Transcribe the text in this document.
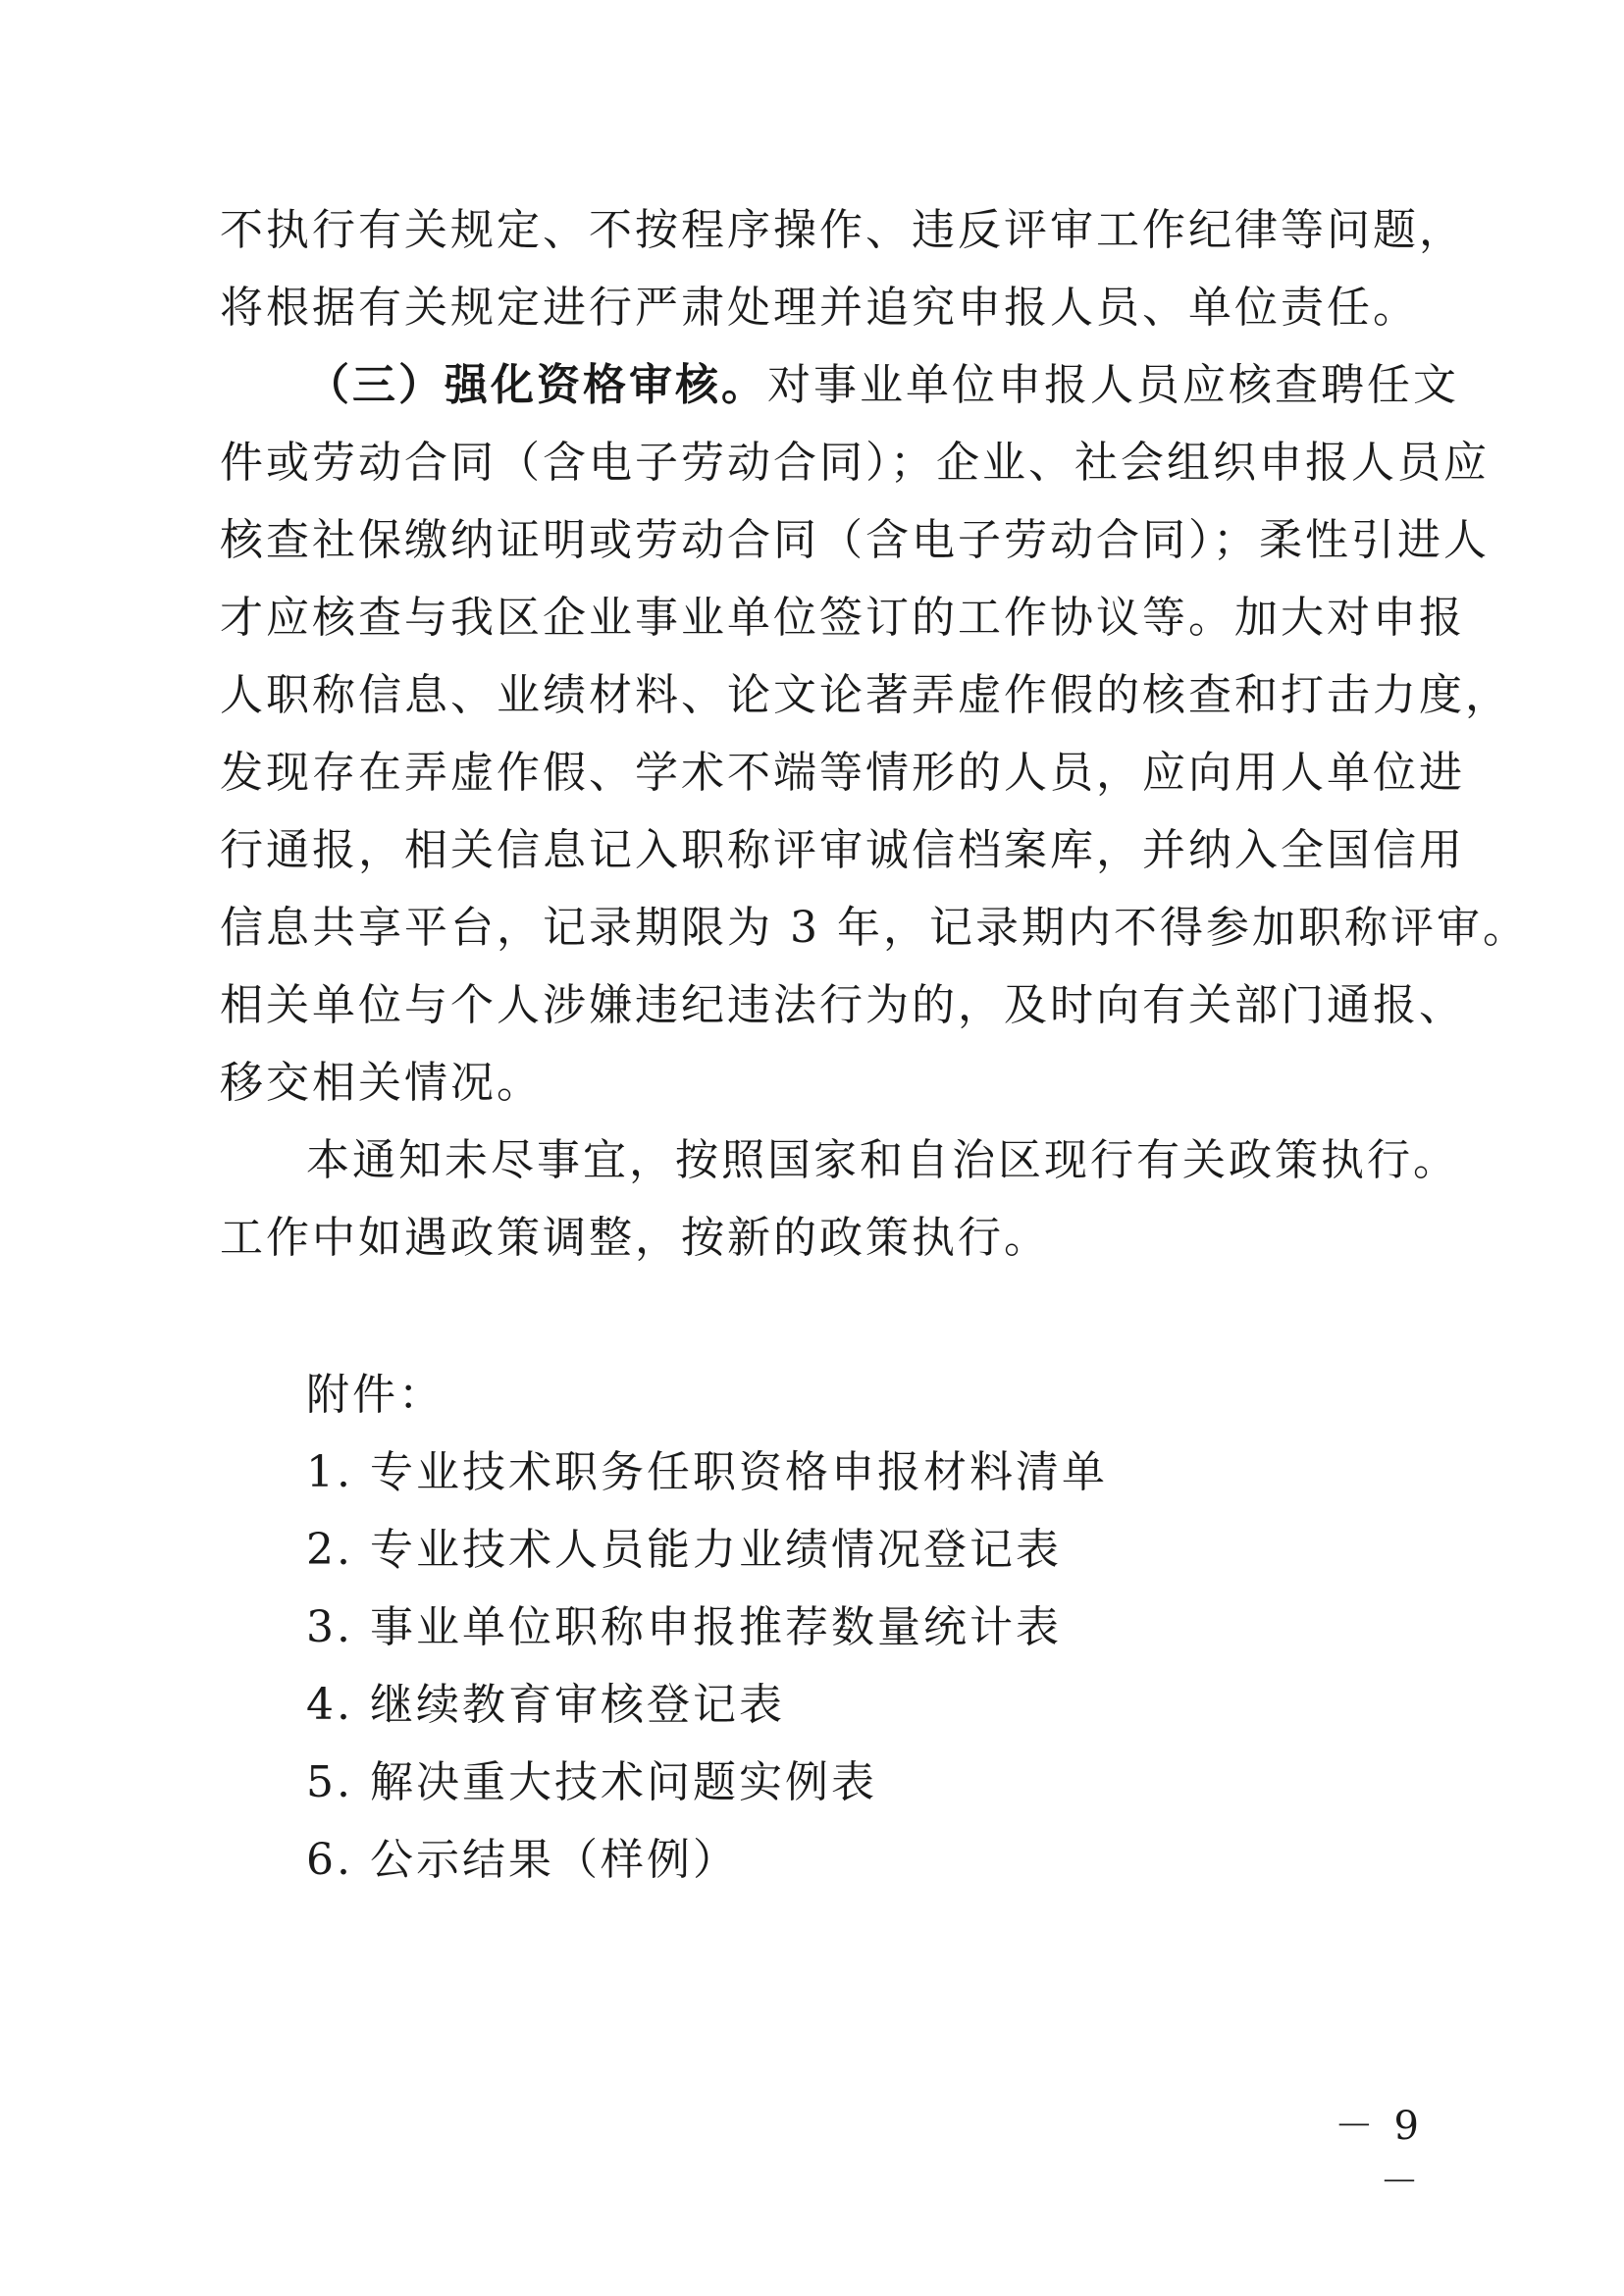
不执行有关规定、不按程序操作、违反评审工作纪律等问题，
将根据有关规定进行严肃处理并追究申报人员、单位责任。
（三）强化资格审核。对事业单位申报人员应核查聘任文
件或劳动合同（含电子劳动合同）；企业、社会组织申报人员应
核查社保缴纳证明或劳动合同（含电子劳动合同）；柔性引进人
才应核查与我区企业事业单位签订的工作协议等。加大对申报
人职称信息、业绩材料、论文论著弄虚作假的核查和打击力度，
发现存在弄虚作假、学术不端等情形的人员，应向用人单位进
行通报，相关信息记入职称评审诚信档案库，并纳入全国信用
信息共享平台，记录期限为 3 年，记录期内不得参加职称评审。
相关单位与个人涉嫌违纪违法行为的，及时向有关部门通报、
移交相关情况。
本通知未尽事宜，按照国家和自治区现行有关政策执行。
工作中如遇政策调整，按新的政策执行。
附件：
1. 专业技术职务任职资格申报材料清单
2. 专业技术人员能力业绩情况登记表
3. 事业单位职称申报推荐数量统计表
4. 继续教育审核登记表
5. 解决重大技术问题实例表
6. 公示结果（样例）
－ 9 －
